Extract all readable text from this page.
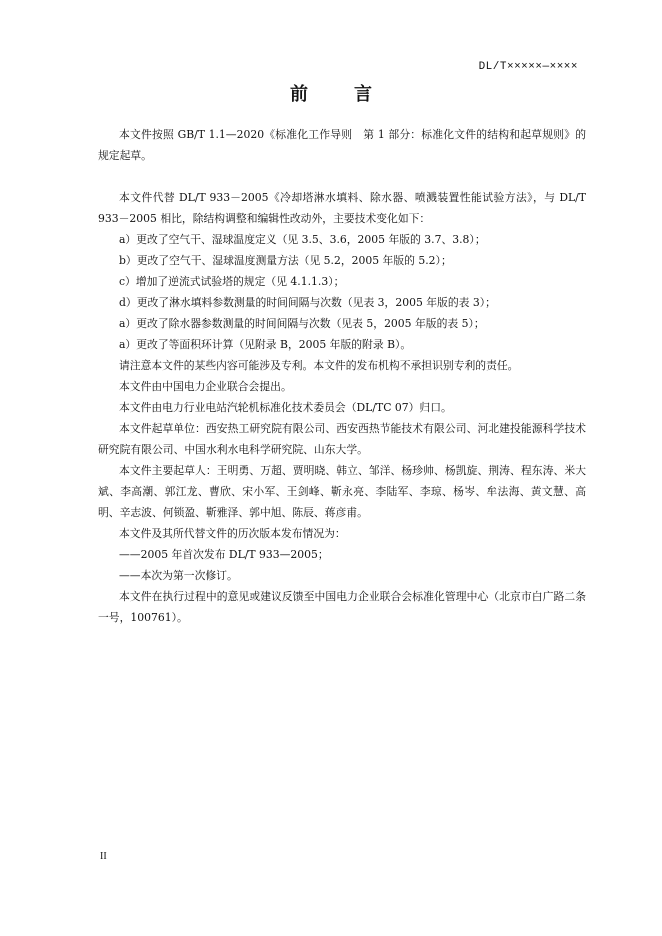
DL/T×××××—××××
前　言

本文件按照 GB/T 1.1—2020《标准化工作导则　第 1 部分：标准化文件的结构和起草规则》的规定起草。

本文件代替 DL/T 933－2005《冷却塔淋水填料、除水器、喷溅装置性能试验方法》，与 DL/T 933－2005 相比，除结构调整和编辑性改动外，主要技术变化如下：

a）更改了空气干、湿球温度定义（见 3.5、3.6，2005 年版的 3.7、3.8）；

b）更改了空气干、湿球温度测量方法（见 5.2，2005 年版的 5.2）；

c）增加了逆流式试验塔的规定（见 4.1.1.3）；

d）更改了淋水填料参数测量的时间间隔与次数（见表 3，2005 年版的表 3）；

a）更改了除水器参数测量的时间间隔与次数（见表 5，2005 年版的表 5）；

a）更改了等面积环计算（见附录 B，2005 年版的附录 B）。

请注意本文件的某些内容可能涉及专利。本文件的发布机构不承担识别专利的责任。

本文件由中国电力企业联合会提出。

本文件由电力行业电站汽轮机标准化技术委员会（DL/TC 07）归口。

本文件起草单位：西安热工研究院有限公司、西安西热节能技术有限公司、河北建投能源科学技术研究院有限公司、中国水利水电科学研究院、山东大学。

本文件主要起草人：王明勇、万超、贾明晓、韩立、邹洋、杨珍帅、杨凯旋、荆涛、程东涛、米大斌、李高潮、郭江龙、曹欣、宋小军、王剑峰、靳永亮、李陆军、李琼、杨岑、牟法海、黄文慧、高明、辛志波、何锁盈、靳雅泽、郭中旭、陈辰、蒋彦甫。

本文件及其所代替文件的历次版本发布情况为：

——2005 年首次发布 DL/T 933—2005；

——本次为第一次修订。

本文件在执行过程中的意见或建议反馈至中国电力企业联合会标准化管理中心（北京市白广路二条一号，100761）。

II
